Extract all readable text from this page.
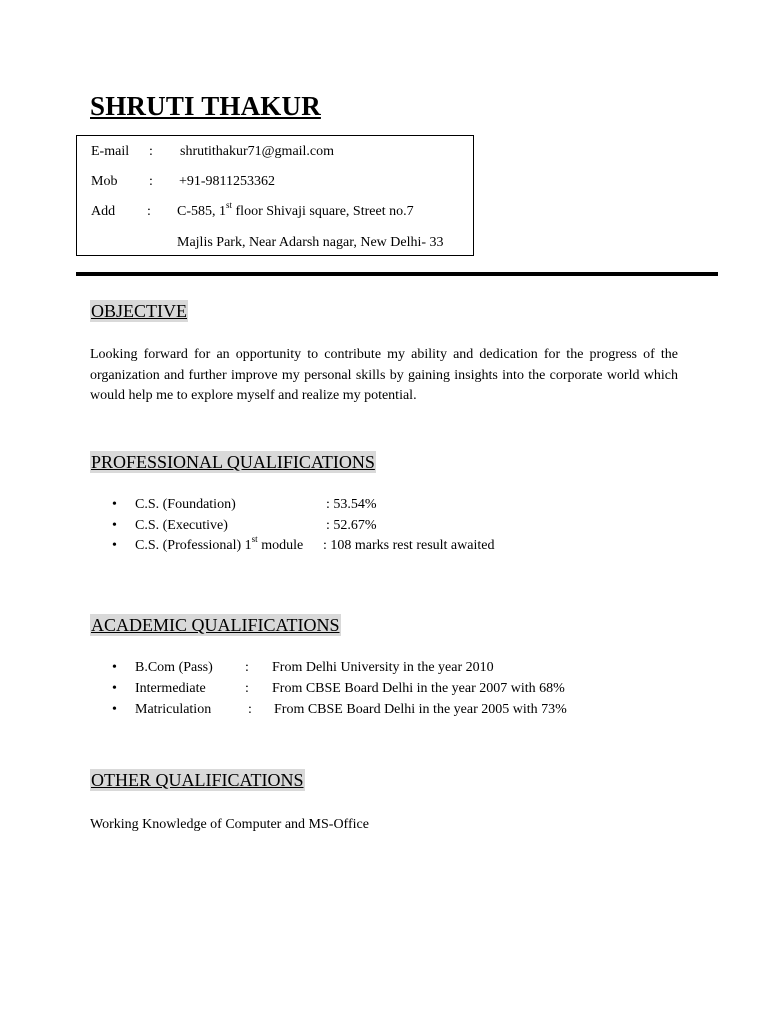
SHRUTI THAKUR
E-mail : shrutithakur71@gmail.com
Mob : +91-9811253362
Add : C-585, 1st floor Shivaji square, Street no.7
Majlis Park, Near Adarsh nagar, New Delhi- 33
OBJECTIVE

Looking forward for an opportunity to contribute my ability and dedication for the progress of the organization and further improve my personal skills by gaining insights into the corporate world which would help me to explore myself and realize my potential.

PROFESSIONAL QUALIFICATIONS
• C.S. (Foundation)	: 53.54%
• C.S. (Executive)	: 52.67%
• C.S. (Professional) 1st module : 108 marks rest result awaited
ACADEMIC QUALIFICATIONS
• B.Com (Pass) : From Delhi University in the year 2010
• Intermediate	: From CBSE Board Delhi in the year 2007 with 68%
• Matriculation	: From CBSE Board Delhi in the year 2005 with 73%
OTHER QUALIFICATIONS

Working Knowledge of Computer and MS-Office
